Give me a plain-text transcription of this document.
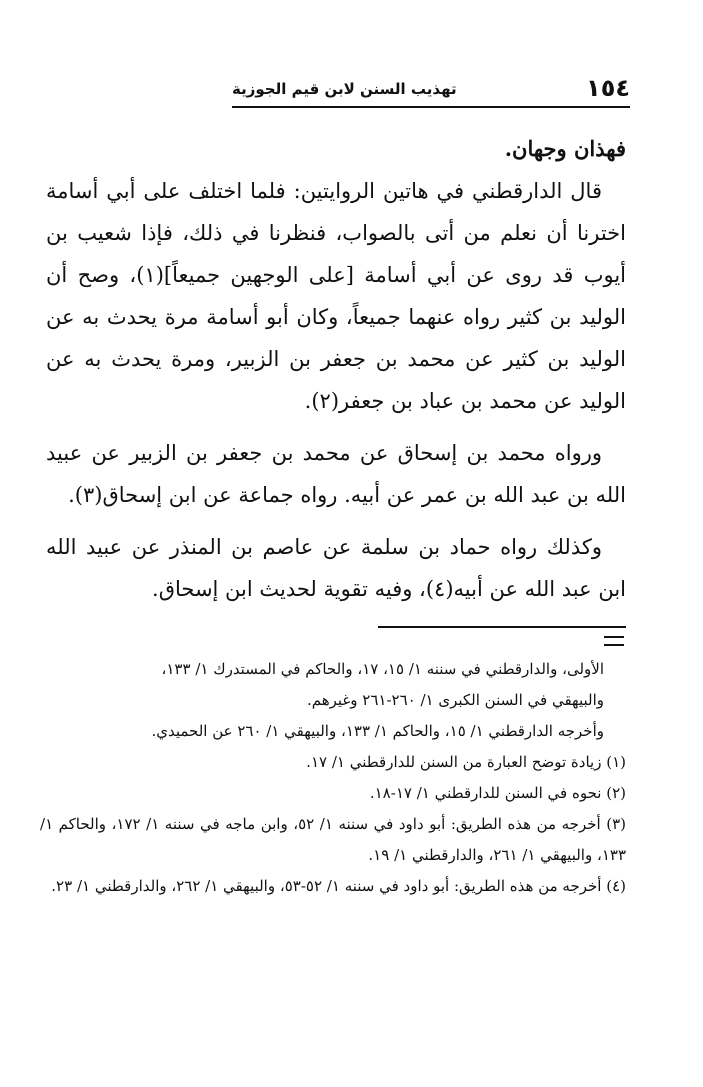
١٥٤
تهذيب السنن لابن قيم الجوزية

فهذان وجهان.

قال الدارقطني في هاتين الروايتين: فلما اختلف على أبي أسامة اخترنا أن نعلم من أتى بالصواب، فنظرنا في ذلك، فإذا شعيب بن أيوب قد روى عن أبي أسامة [على الوجهين جميعاً](١)، وصح أن الوليد بن كثير رواه عنهما جميعاً، وكان أبو أسامة مرة يحدث به عن الوليد بن كثير عن محمد بن جعفر بن الزبير، ومرة يحدث به عن الوليد عن محمد بن عباد بن جعفر(٢).

ورواه محمد بن إسحاق عن محمد بن جعفر بن الزبير عن عبيد الله بن عبد الله بن عمر عن أبيه. رواه جماعة عن ابن إسحاق(٣).

وكذلك رواه حماد بن سلمة عن عاصم بن المنذر عن عبيد الله ابن عبد الله عن أبيه(٤)، وفيه تقوية لحديث ابن إسحاق.

الأولى، والدارقطني في سننه ١/ ١٥، ١٧، والحاكم في المستدرك ١/ ١٣٣،

والبيهقي في السنن الكبرى ١/ ٢٦٠-٢٦١ وغيرهم.

وأخرجه الدارقطني ١/ ١٥، والحاكم ١/ ١٣٣، والبيهقي ١/ ٢٦٠ عن الحميدي.

(١) زيادة توضح العبارة من السنن للدارقطني ١/ ١٧.

(٢) نحوه في السنن للدارقطني ١/ ١٧-١٨.

(٣) أخرجه من هذه الطريق: أبو داود في سننه ١/ ٥٢، وابن ماجه في سننه ١/ ١٧٢، والحاكم ١/ ١٣٣، والبيهقي ١/ ٢٦١، والدارقطني ١/ ١٩.

(٤) أخرجه من هذه الطريق: أبو داود في سننه ١/ ٥٢-٥٣، والبيهقي ١/ ٢٦٢، والدارقطني ١/ ٢٣.
